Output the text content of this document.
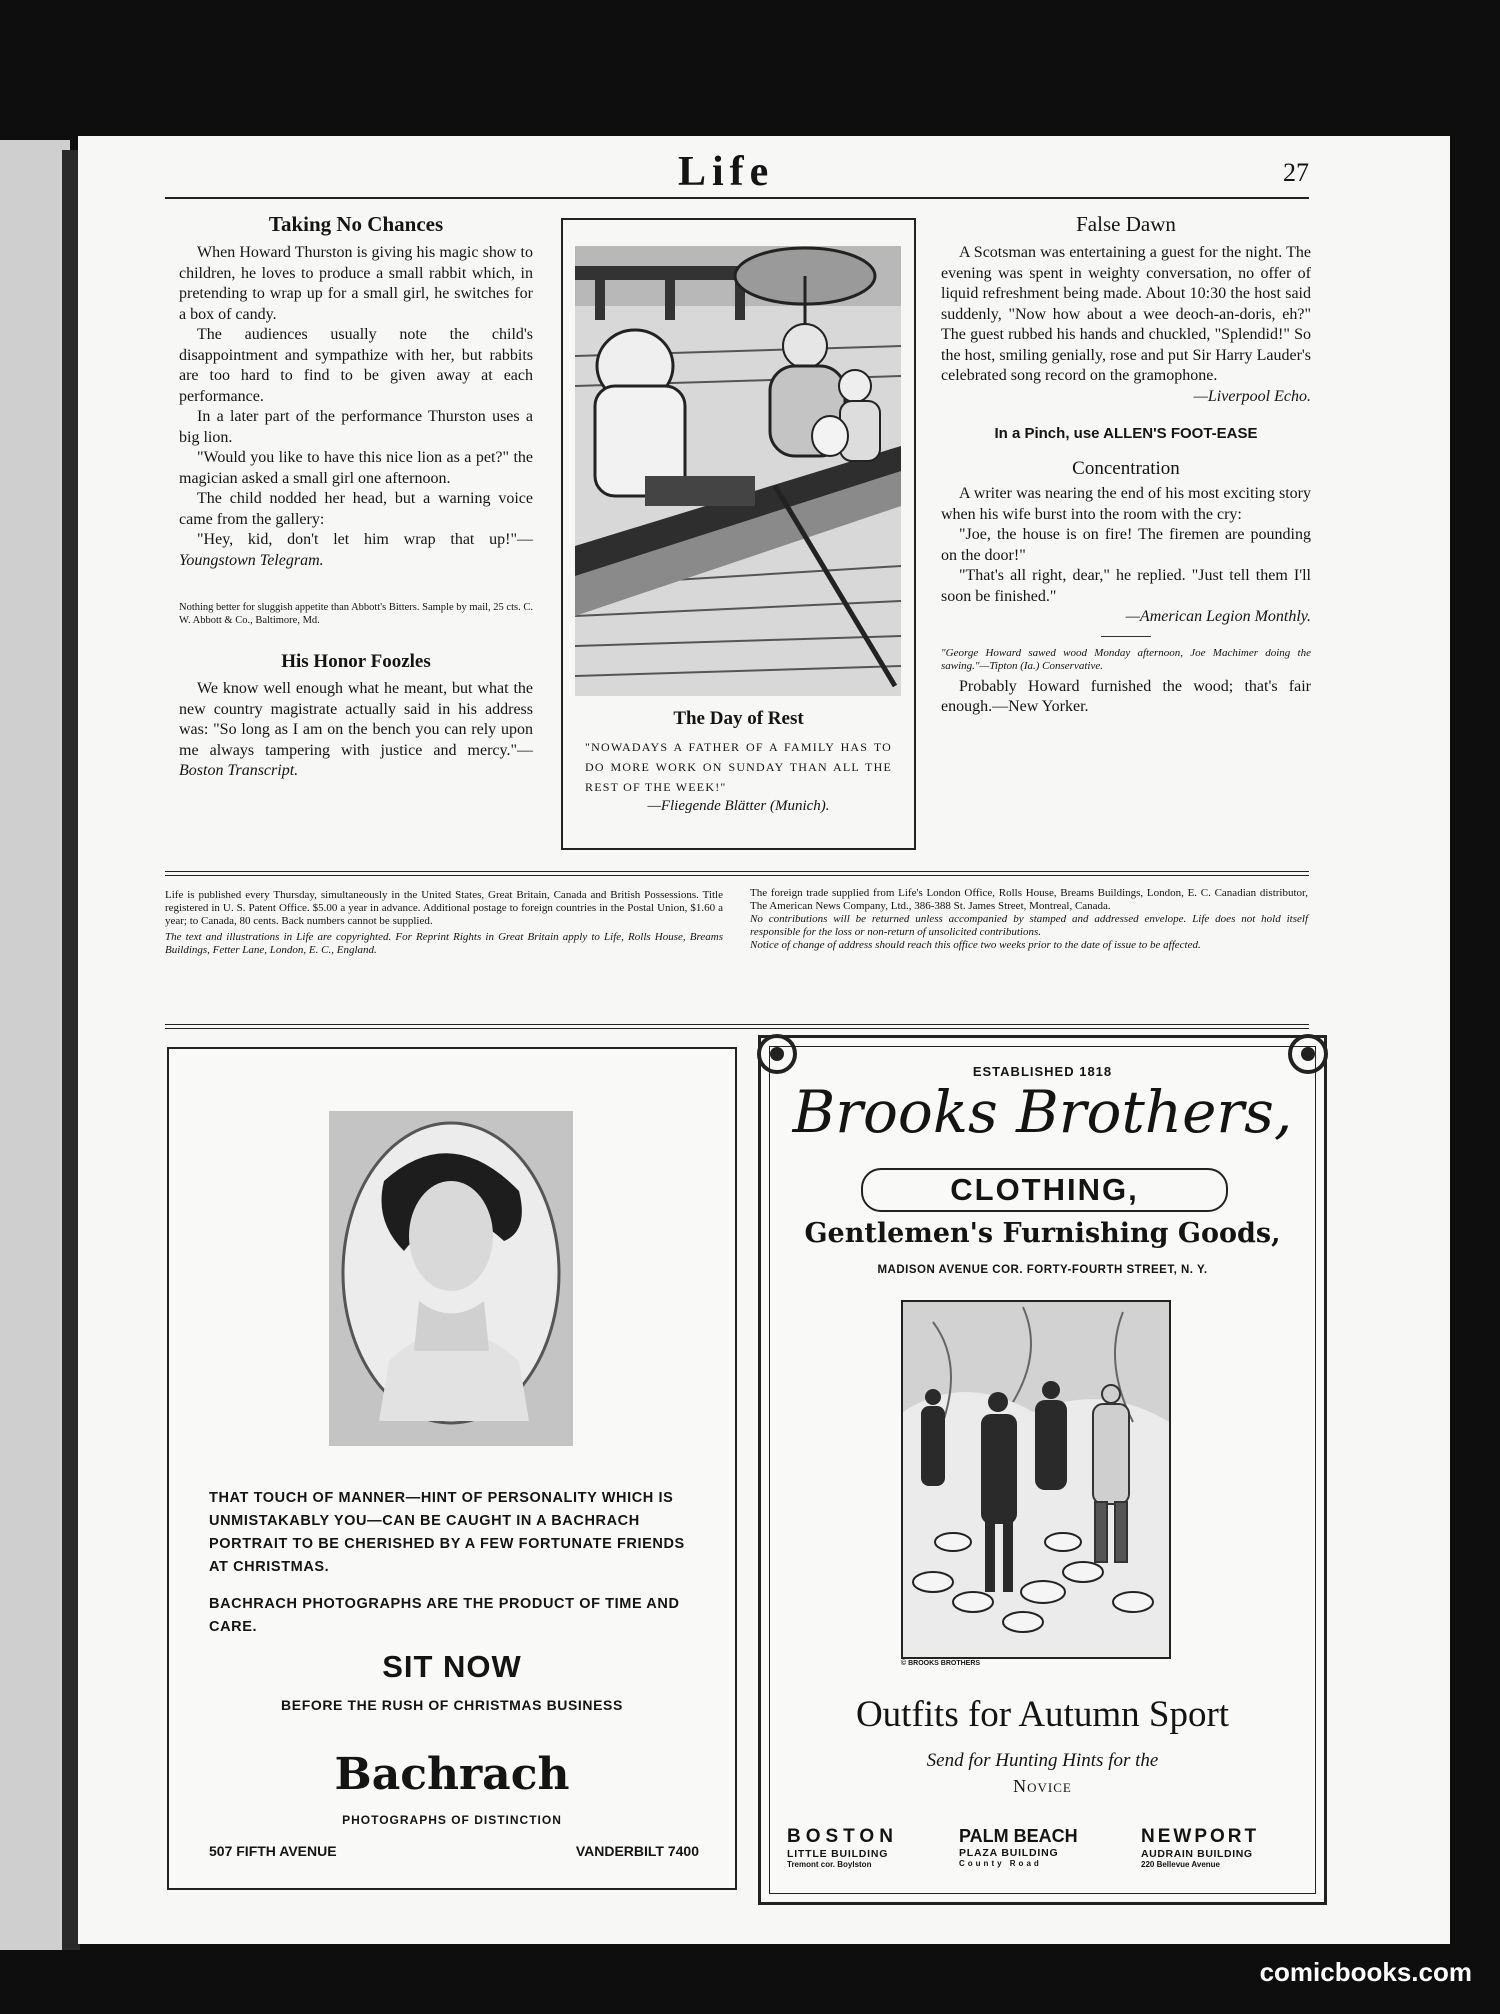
Life	27
Taking No Chances

When Howard Thurston is giving his magic show to children, he loves to produce a small rabbit which, in pretending to wrap up for a small girl, he switches for a box of candy.

The audiences usually note the child's disappointment and sympathize with her, but rabbits are too hard to find to be given away at each performance.

In a later part of the performance Thurston uses a big lion.

"Would you like to have this nice lion as a pet?" the magician asked a small girl one afternoon.

The child nodded her head, but a warning voice came from the gallery:

"Hey, kid, don't let him wrap that up!"—Youngstown Telegram.

Nothing better for sluggish appetite than Abbott's Bitters. Sample by mail, 25 cts. C. W. Abbott & Co., Baltimore, Md.
His Honor Foozles

We know well enough what he meant, but what the new country magistrate actually said in his address was: "So long as I am on the bench you can rely upon me always tampering with justice and mercy."—Boston Transcript.

The Day of Rest
"NOWADAYS A FATHER OF A FAMILY HAS TO DO MORE WORK ON SUNDAY THAN ALL THE REST OF THE WEEK!"
—Fliegende Blätter (Munich).
False Dawn

A Scotsman was entertaining a guest for the night. The evening was spent in weighty conversation, no offer of liquid refreshment being made. About 10:30 the host said suddenly, "Now how about a wee deoch-an-doris, eh?" The guest rubbed his hands and chuckled, "Splendid!" So the host, smiling genially, rose and put Sir Harry Lauder's celebrated song record on the gramophone.

—Liverpool Echo.
In a Pinch, use ALLEN'S FOOT-EASE
Concentration

A writer was nearing the end of his most exciting story when his wife burst into the room with the cry:

"Joe, the house is on fire! The firemen are pounding on the door!"

"That's all right, dear," he replied. "Just tell them I'll soon be finished."

—American Legion Monthly.
"George Howard sawed wood Monday afternoon, Joe Machimer doing the sawing."—Tipton (Ia.) Conservative.

Probably Howard furnished the wood; that's fair enough.—New Yorker.

Life is published every Thursday, simultaneously in the United States, Great Britain, Canada and British Possessions. Title registered in U. S. Patent Office. $5.00 a year in advance. Additional postage to foreign countries in the Postal Union, $1.60 a year; to Canada, 80 cents. Back numbers cannot be supplied.
The text and illustrations in Life are copyrighted. For Reprint Rights in Great Britain apply to Life, Rolls House, Breams Buildings, Fetter Lane, London, E. C., England.
The foreign trade supplied from Life's London Office, Rolls House, Breams Buildings, London, E. C. Canadian distributor, The American News Company, Ltd., 386-388 St. James Street, Montreal, Canada.
No contributions will be returned unless accompanied by stamped and addressed envelope. Life does not hold itself responsible for the loss or non-return of unsolicited contributions.
Notice of change of address should reach this office two weeks prior to the date of issue to be affected.
THAT TOUCH OF MANNER—HINT OF PERSONALITY WHICH IS UNMISTAKABLY YOU—CAN BE CAUGHT IN A BACHRACH PORTRAIT TO BE CHERISHED BY A FEW FORTUNATE FRIENDS AT CHRISTMAS.
BACHRACH PHOTOGRAPHS ARE THE PRODUCT OF TIME AND CARE.
SIT NOW
BEFORE THE RUSH OF CHRISTMAS BUSINESS
Bachrach
PHOTOGRAPHS OF DISTINCTION
507 FIFTH AVENUE	VANDERBILT 7400
ESTABLISHED 1818
Brooks Brothers,
CLOTHING,
Gentlemen's Furnishing Goods,
MADISON AVENUE COR. FORTY-FOURTH STREET, N. Y.
© BROOKS BROTHERS
Outfits for Autumn Sport
Send for Hunting Hints for the
Novice
BOSTON
LITTLE BUILDING
Tremont cor. Boylston
PALM BEACH
PLAZA BUILDING
County Road
NEWPORT
AUDRAIN BUILDING
220 Bellevue Avenue
comicbooks.com
